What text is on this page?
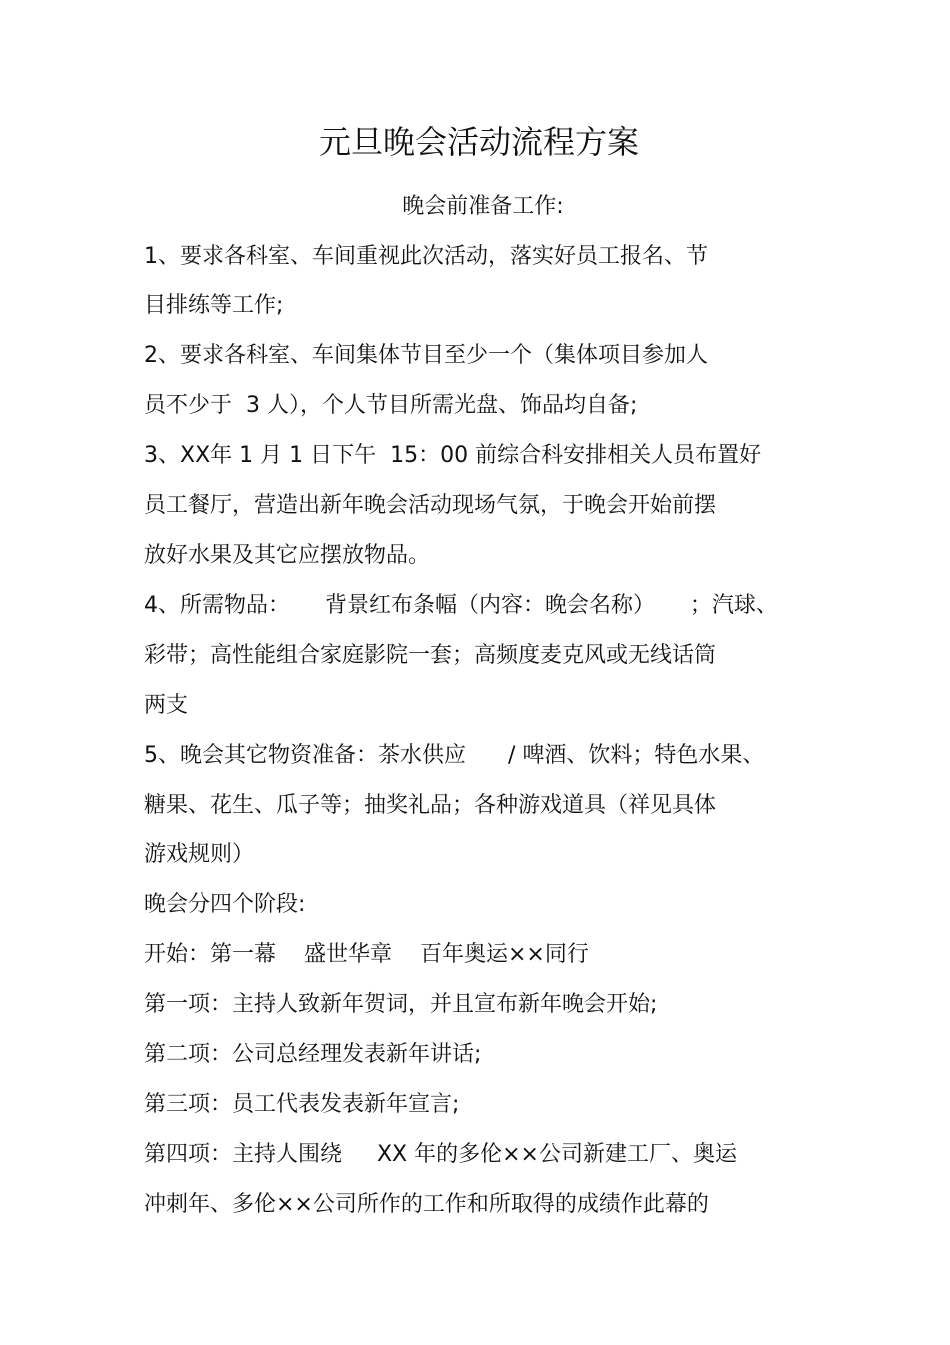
元旦晚会活动流程方案
晚会前准备工作:
1、要求各科室、车间重视此次活动，落实好员工报名、节
目排练等工作;
2、要求各科室、车间集体节目至少一个（集体项目参加人
员不少于  3 人），个人节目所需光盘、饰品均自备;
3、XX年 1 月 1 日下午  15：00 前综合科安排相关人员布置好
员工餐厅，营造出新年晚会活动现场气氛，于晚会开始前摆
放好水果及其它应摆放物品。
4、所需物品：     背景红布条幅（内容：晚会名称）     ；汽球、
彩带；高性能组合家庭影院一套；高频度麦克风或无线话筒
两支
5、晚会其它物资准备：茶水供应      / 啤酒、饮料；特色水果、
糖果、花生、瓜子等；抽奖礼品；各种游戏道具（祥见具体
游戏规则）
晚会分四个阶段:
开始：第一幕    盛世华章    百年奥运××同行
第一项：主持人致新年贺词，并且宣布新年晚会开始;
第二项：公司总经理发表新年讲话;
第三项：员工代表发表新年宣言;
第四项：主持人围绕     XX 年的多伦××公司新建工厂、奥运
冲刺年、多伦××公司所作的工作和所取得的成绩作此幕的
